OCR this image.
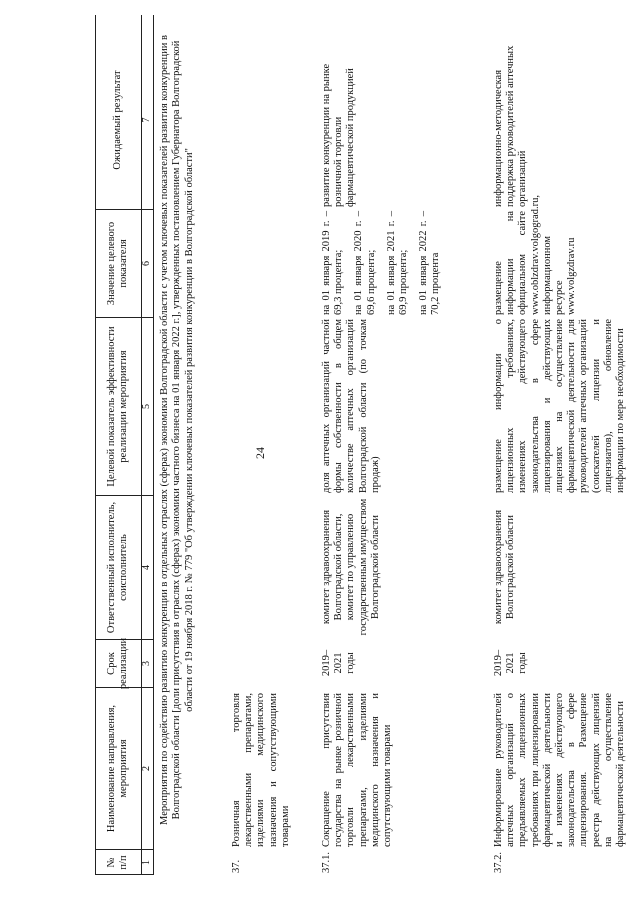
24
№ п/п
Наименование направления, мероприятия
Срок реализации
Ответственный исполнитель, соисполнитель
Целевой показатель эффективности реализации мероприятия
Значение целевого показателя
Ожидаемый результат
1
2
3
4
5
6
7 Мероприятия по содействию развитию конкуренции в отдельных отраслях (сферах) экономики Волгоградской области с учетом ключевых показателей развития конкуренции в Волгоградской области [доли присутствия в отраслях (сферах) экономики частного бизнеса на 01 января 2022 г.], утвержденных постановлением Губернатора Волгоградской области от 19 ноября 2018 г. № 779 "Об утверждении ключевых показателей развития конкуренции в Волгоградской области"
37.
Розничная торговля лекарственными препаратами, изделиями медицинского назначения и сопутствующими товарами
37.1.
Сокращение присутствия государства на рынке розничной торговли лекарственными препаратами, изделиями медицинского назначения и сопутствующими товарами
2019–2021 годы
комитет здравоохранения Волгоградской области, комитет по управлению государственным имуществом Волгоградской области
доля аптечных организаций частной формы собственности в общем количестве аптечных организаций Волгоградской области (по точкам продаж)
на 01 января 2019 г. – 69,3 процента; на 01 января 2020 г. – 69,6 процента; на 01 января 2021 г. – 69,9 процента; на 01 января 2022 г. – 70,2 процента
развитие конкуренции на рынке розничной торговли фармацевтической продукцией
37.2.
Информирование руководителей аптечных организаций о предъявляемых лицензионных требованиях при лицензировании фармацевтической деятельности и изменениях действующего законодательства в сфере лицензирования. Размещение реестра действующих лицензий на осуществление фармацевтической деятельности
2019–2021 годы
комитет здравоохранения Волгоградской области
размещение информации о лицензионных требованиях, изменениях действующего законодательства в сфере лицензирования и действующих лицензиях на осуществление фармацевтической деятельности для руководителей аптечных организаций (соискателей лицензии и лицензиатов), обновление информации по мере необходимости
размещение информации на официальном сайте www.oblzdrav.volgograd.ru, информационном ресурсе www.volgzdrav.ru
информационно-методическая поддержка руководителей аптечных организаций
